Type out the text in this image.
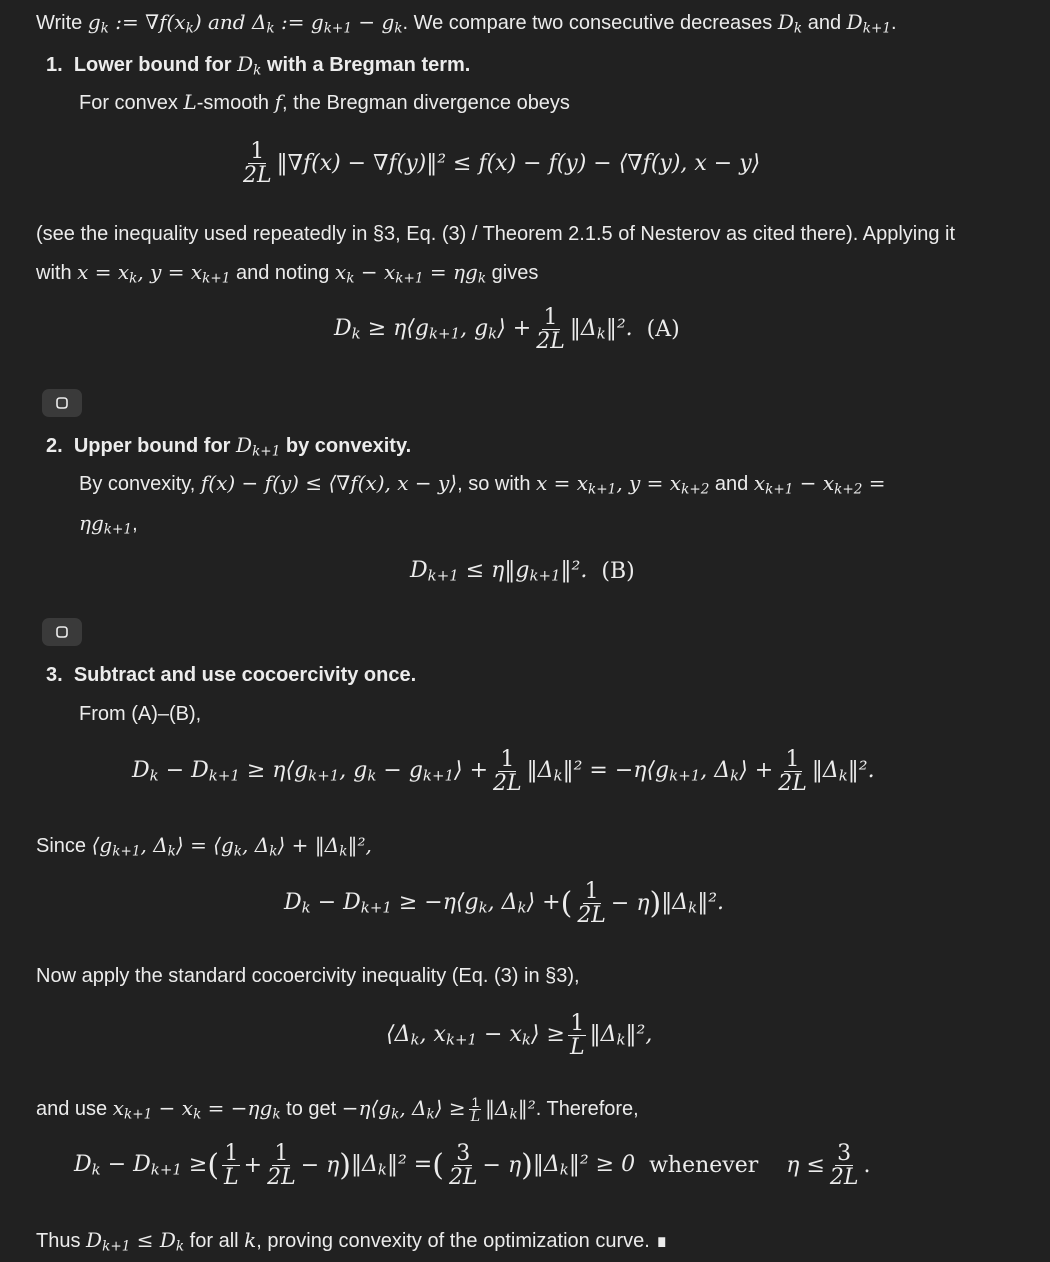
Write $g_k$ := $\nabla f(x_k)$ and $\Delta_k$ := $g_{k+1} - g_k$. We compare two consecutive decreases $D_k$ and $D_{k+1}$.
1. Lower bound for $D_k$ with a Bregman term.
For convex L-smooth f, the Bregman divergence obeys
$\frac{1}{2L}$ ‖∇f(x) − ∇f(y)‖² ≤ f(x) − f(y) − ⟨∇f(y), x − y⟩
(see the inequality used repeatedly in §3, Eq. (3) / Theorem 2.1.5 of Nesterov as cited there). Applying it
with $x = x_k$, $y = x_{k+1}$ and noting $x_k - x_{k+1} = \eta g_k$ gives
$D_k$ ≥ $\eta⟨g_{k+1}$, $g_k⟩ + \frac{1}{2L}$ $‖\Delta_k‖^2$. (A)
2. Upper bound for $D_{k+1}$ by convexity.
By convexity, f(x) − f(y) ≤ ⟨∇f(x), x − y⟩, so with $x = x_{k+1}$, $y = x_{k+2}$ and $x_{k+1} - x_{k+2}$ =
$\eta g_{k+1}$,
$D_{k+1}$ ≤ $\eta‖g_{k+1}‖^2$. (B)
3. Subtract and use cocoercivity once.
From (A)–(B),
$D_k - D_{k+1}$ ≥ $\eta⟨g_{k+1}$, $g_k$ − $g_{k+1}⟩ + \frac{1}{2L}$ $‖\Delta_k‖^2$ = $-\eta⟨g_{k+1}$, $\Delta_k⟩ + \frac{1}{2L}$ $‖\Delta_k‖^2$.
Since $⟨g_{k+1}$, $\Delta_k⟩$ = $⟨g_k$, $\Delta_k⟩$ + $‖\Delta_k‖^2$,
$D_k - D_{k+1}$ ≥ $-\eta⟨g_k$, $\Delta_k⟩$ + ( $\frac{1}{2L} - \eta$ ) $‖\Delta_k‖^2$.
Now apply the standard cocoercivity inequality (Eq. (3) in §3),
$⟨\Delta_k$, $x_{k+1}$ − $x_k⟩ \ge \frac{1}{L}$ $‖\Delta_k‖^2$,
and use $x_{k+1} - x_k = -\eta g_k$ to get $-\eta⟨g_k$, $\Delta_k⟩ \ge \frac{1}{L}$ $‖\Delta_k‖^2$. Therefore,
$D_k - D_{k+1}$ ≥ ( $\frac{1}{L} + \frac{1}{2L} - \eta$ ) $‖\Delta_k‖^2$ = ( $\frac{3}{2L} - \eta$ ) $‖\Delta_k‖^2 \ge 0$ whenever $\eta \le \frac{3}{2L}$ .
Thus $D_{k+1} \le D_k$ for all k, proving convexity of the optimization curve. ∎
